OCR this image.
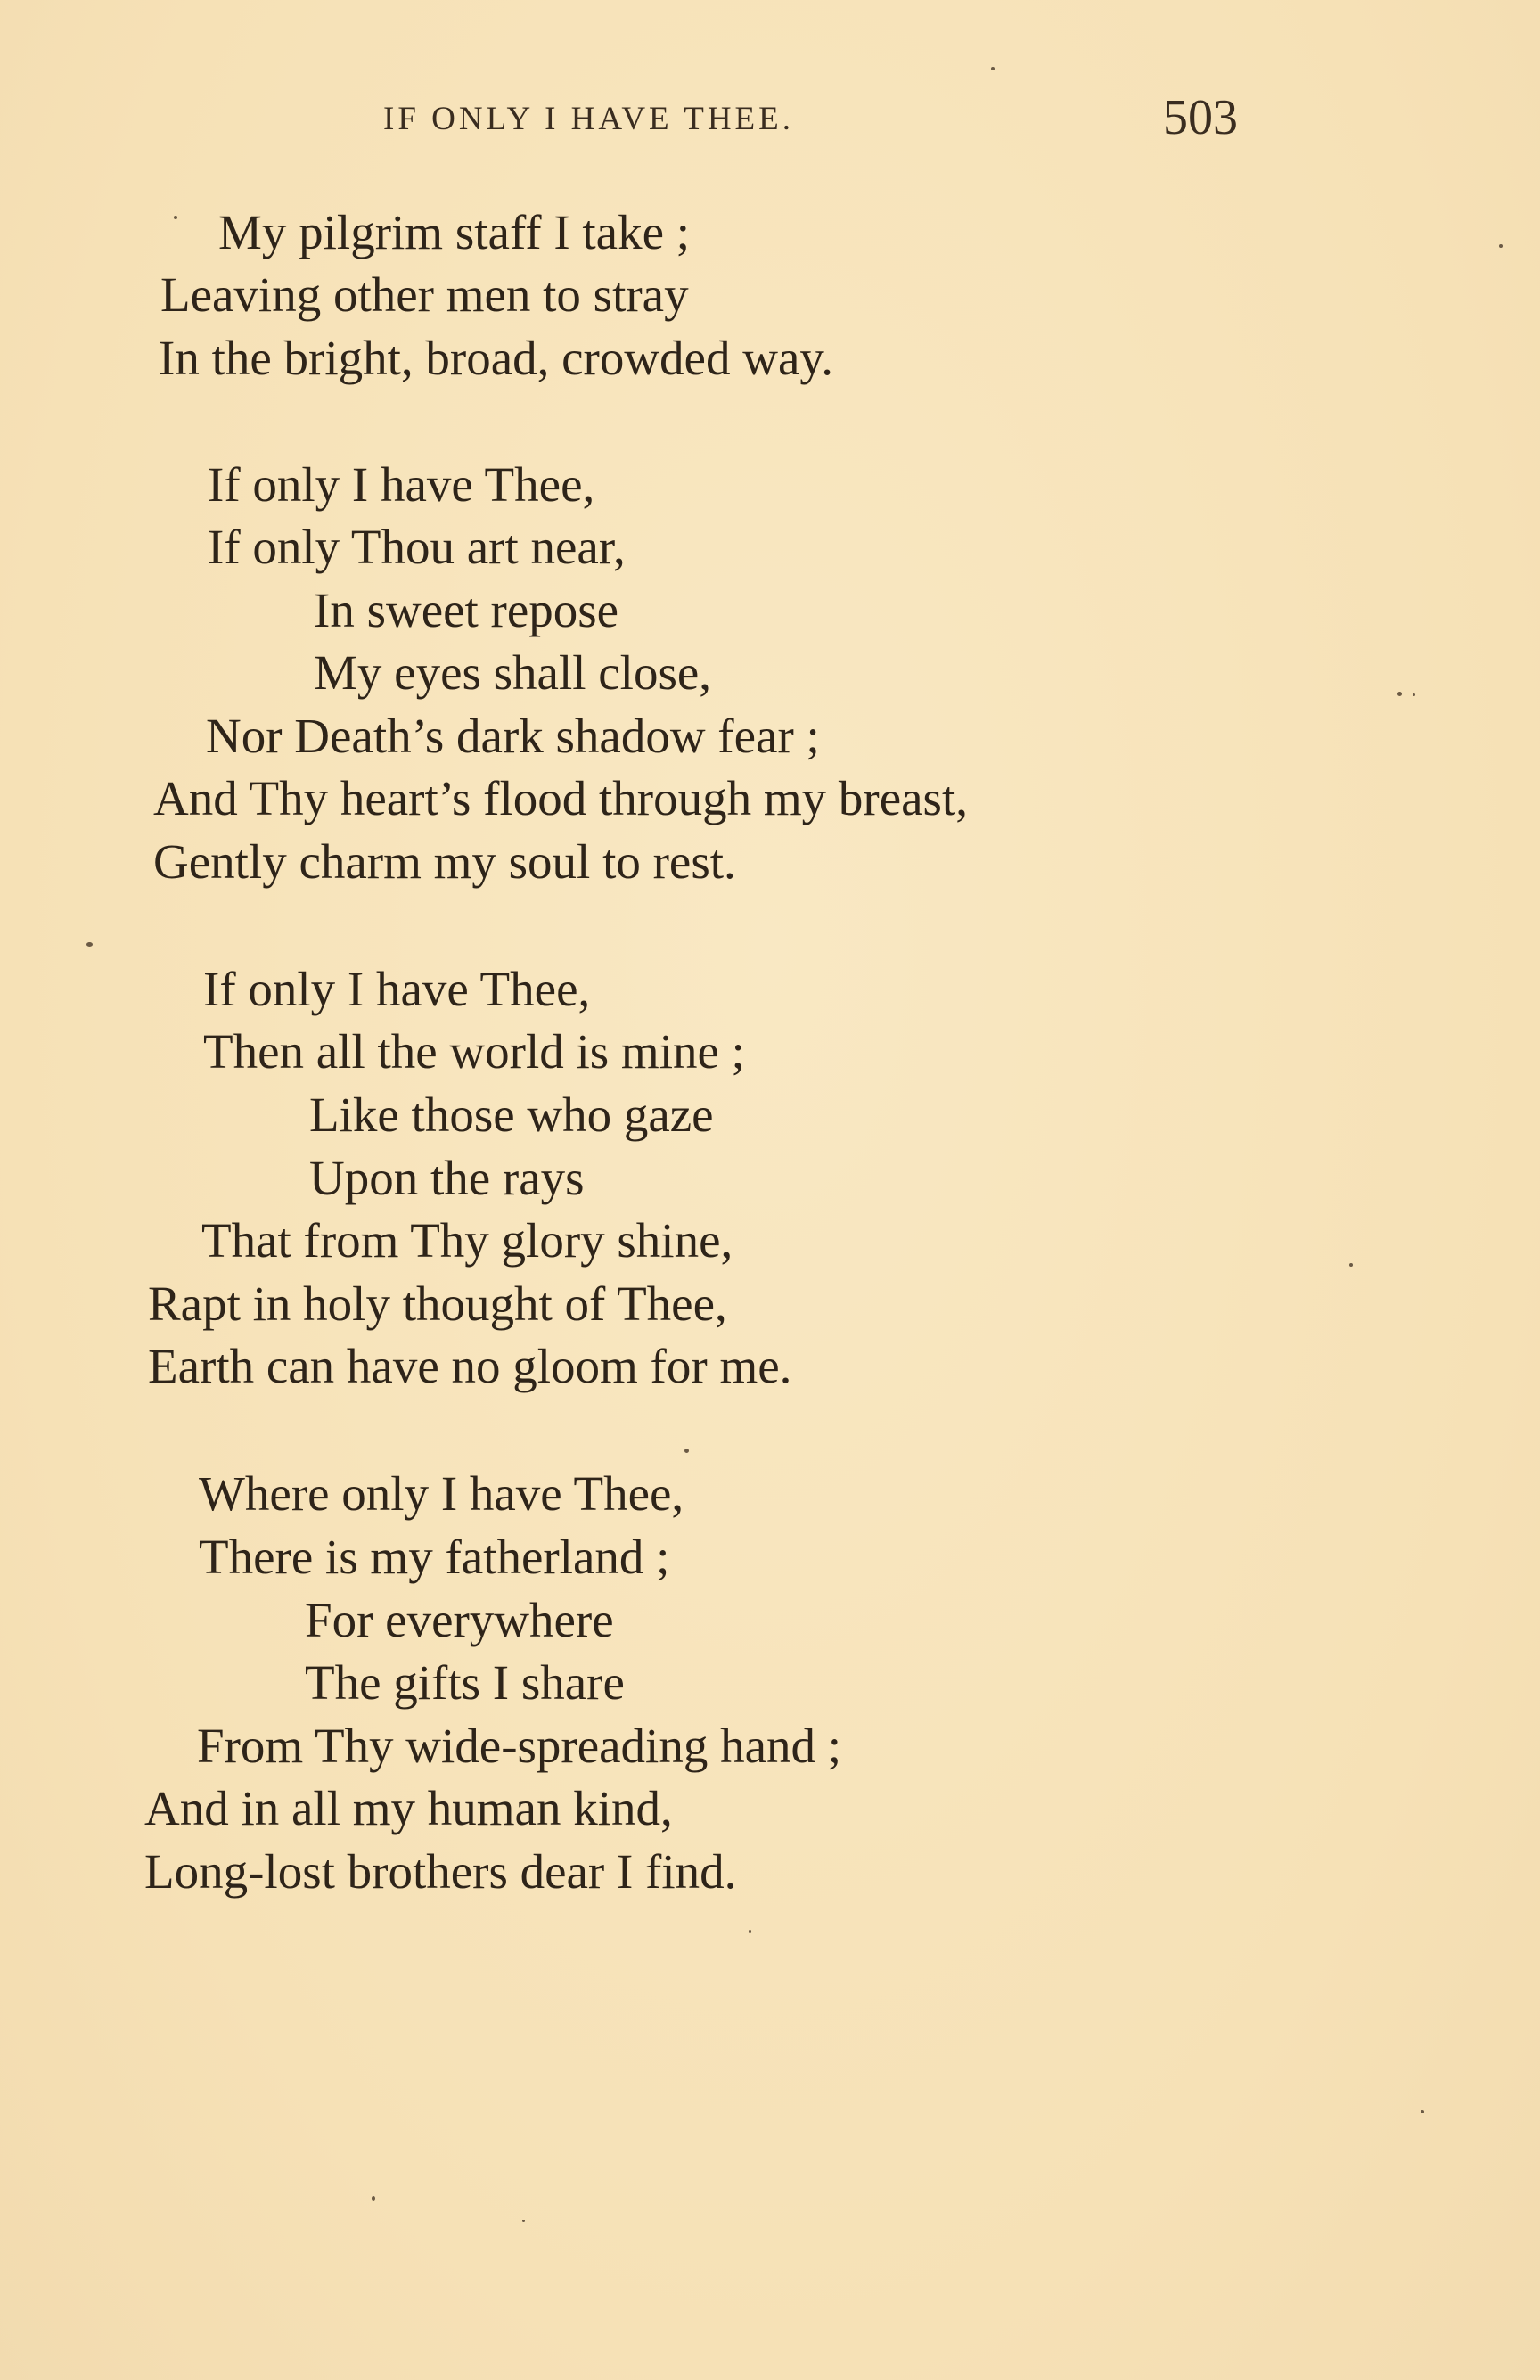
IF ONLY I HAVE THEE.	503
My pilgrim staff I take ;
Leaving other men to stray
In the bright, broad, crowded way.
If only I have Thee,
If only Thou art near,
In sweet repose
My eyes shall close,
Nor Death’s dark shadow fear ;
And Thy heart’s flood through my breast,
Gently charm my soul to rest.
If only I have Thee,
Then all the world is mine ;
Like those who gaze
Upon the rays
That from Thy glory shine,
Rapt in holy thought of Thee,
Earth can have no gloom for me.
Where only I have Thee,
There is my fatherland ;
For everywhere
The gifts I share
From Thy wide-spreading hand ;
And in all my human kind,
Long-lost brothers dear I find.
